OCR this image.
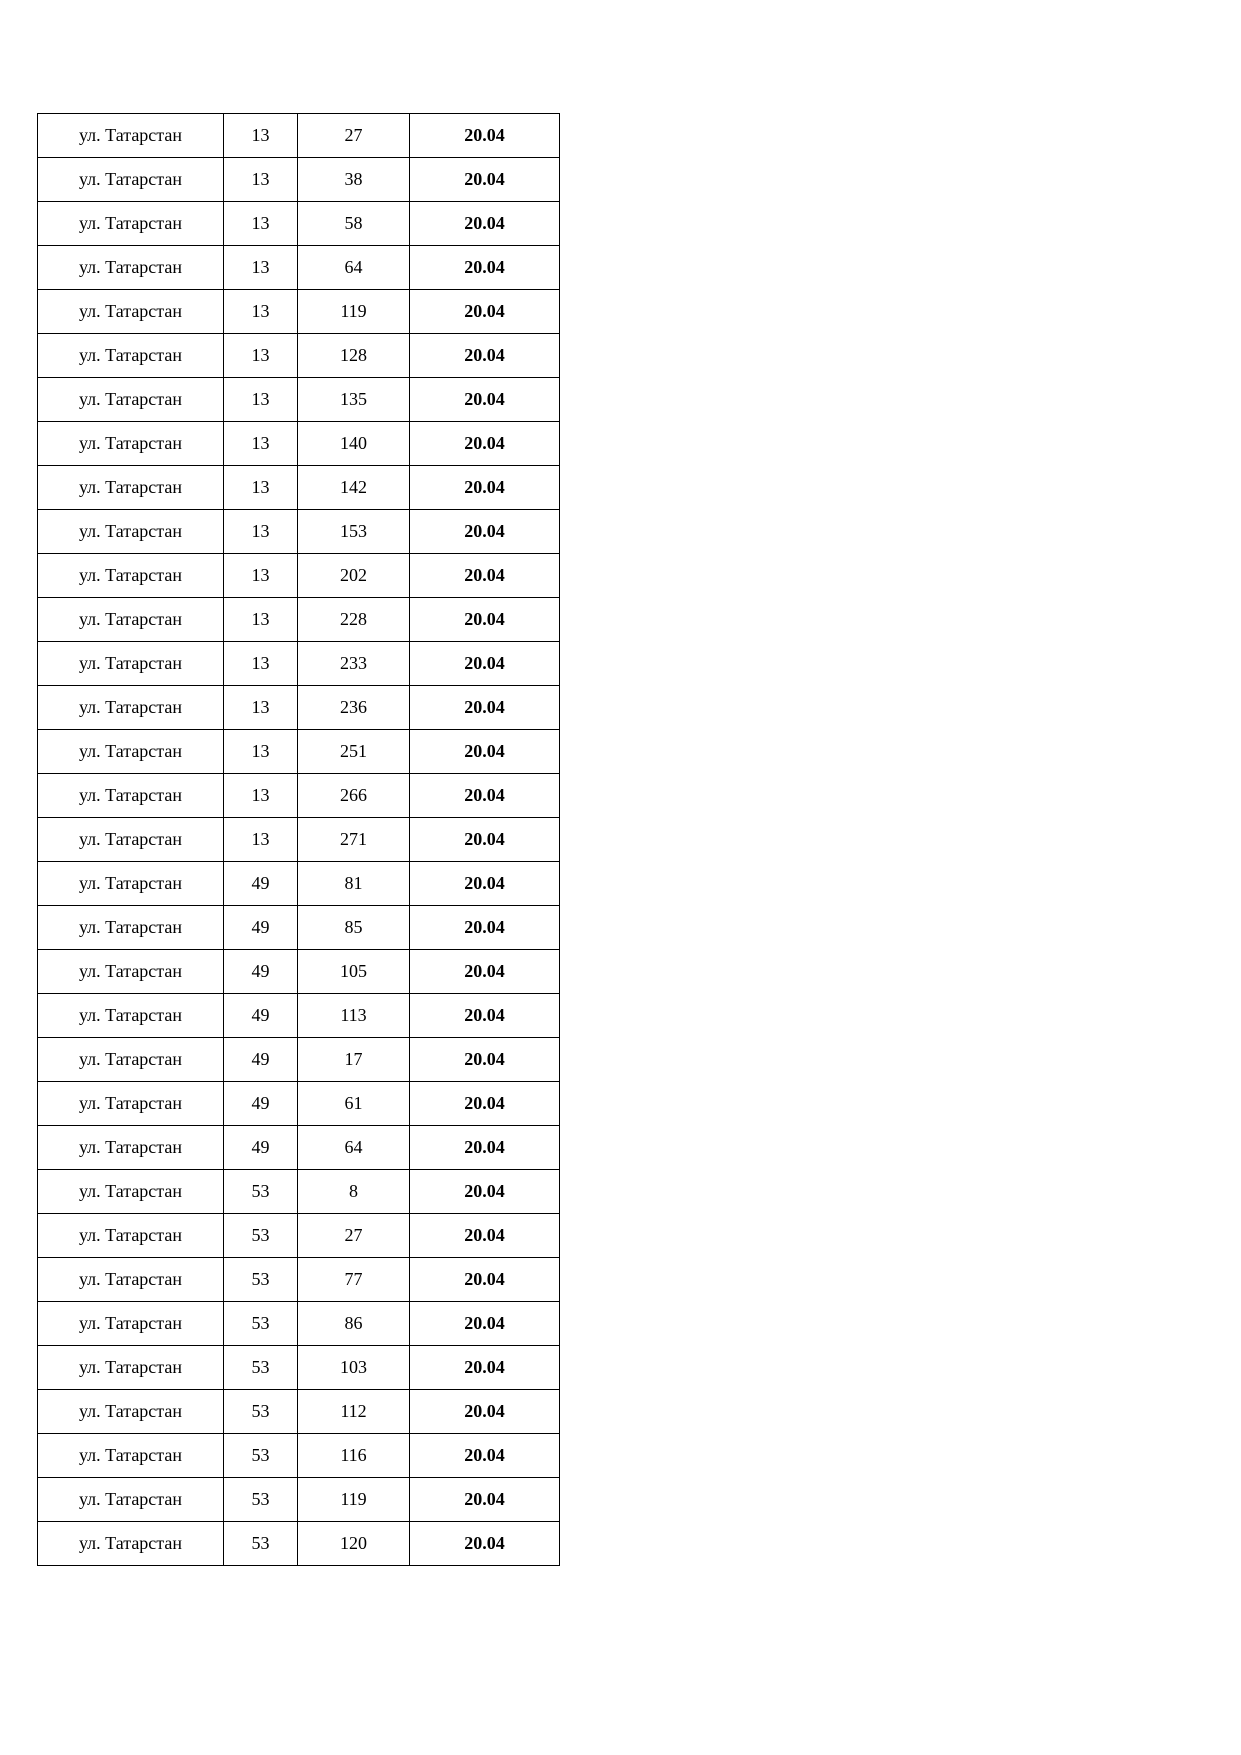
ул. Татарстан	13	27	20.04
ул. Татарстан	13	38	20.04
ул. Татарстан	13	58	20.04
ул. Татарстан	13	64	20.04
ул. Татарстан	13	119	20.04
ул. Татарстан	13	128	20.04
ул. Татарстан	13	135	20.04
ул. Татарстан	13	140	20.04
ул. Татарстан	13	142	20.04
ул. Татарстан	13	153	20.04
ул. Татарстан	13	202	20.04
ул. Татарстан	13	228	20.04
ул. Татарстан	13	233	20.04
ул. Татарстан	13	236	20.04
ул. Татарстан	13	251	20.04
ул. Татарстан	13	266	20.04
ул. Татарстан	13	271	20.04
ул. Татарстан	49	81	20.04
ул. Татарстан	49	85	20.04
ул. Татарстан	49	105	20.04
ул. Татарстан	49	113	20.04
ул. Татарстан	49	17	20.04
ул. Татарстан	49	61	20.04
ул. Татарстан	49	64	20.04
ул. Татарстан	53	8	20.04
ул. Татарстан	53	27	20.04
ул. Татарстан	53	77	20.04
ул. Татарстан	53	86	20.04
ул. Татарстан	53	103	20.04
ул. Татарстан	53	112	20.04
ул. Татарстан	53	116	20.04
ул. Татарстан	53	119	20.04
ул. Татарстан	53	120	20.04
